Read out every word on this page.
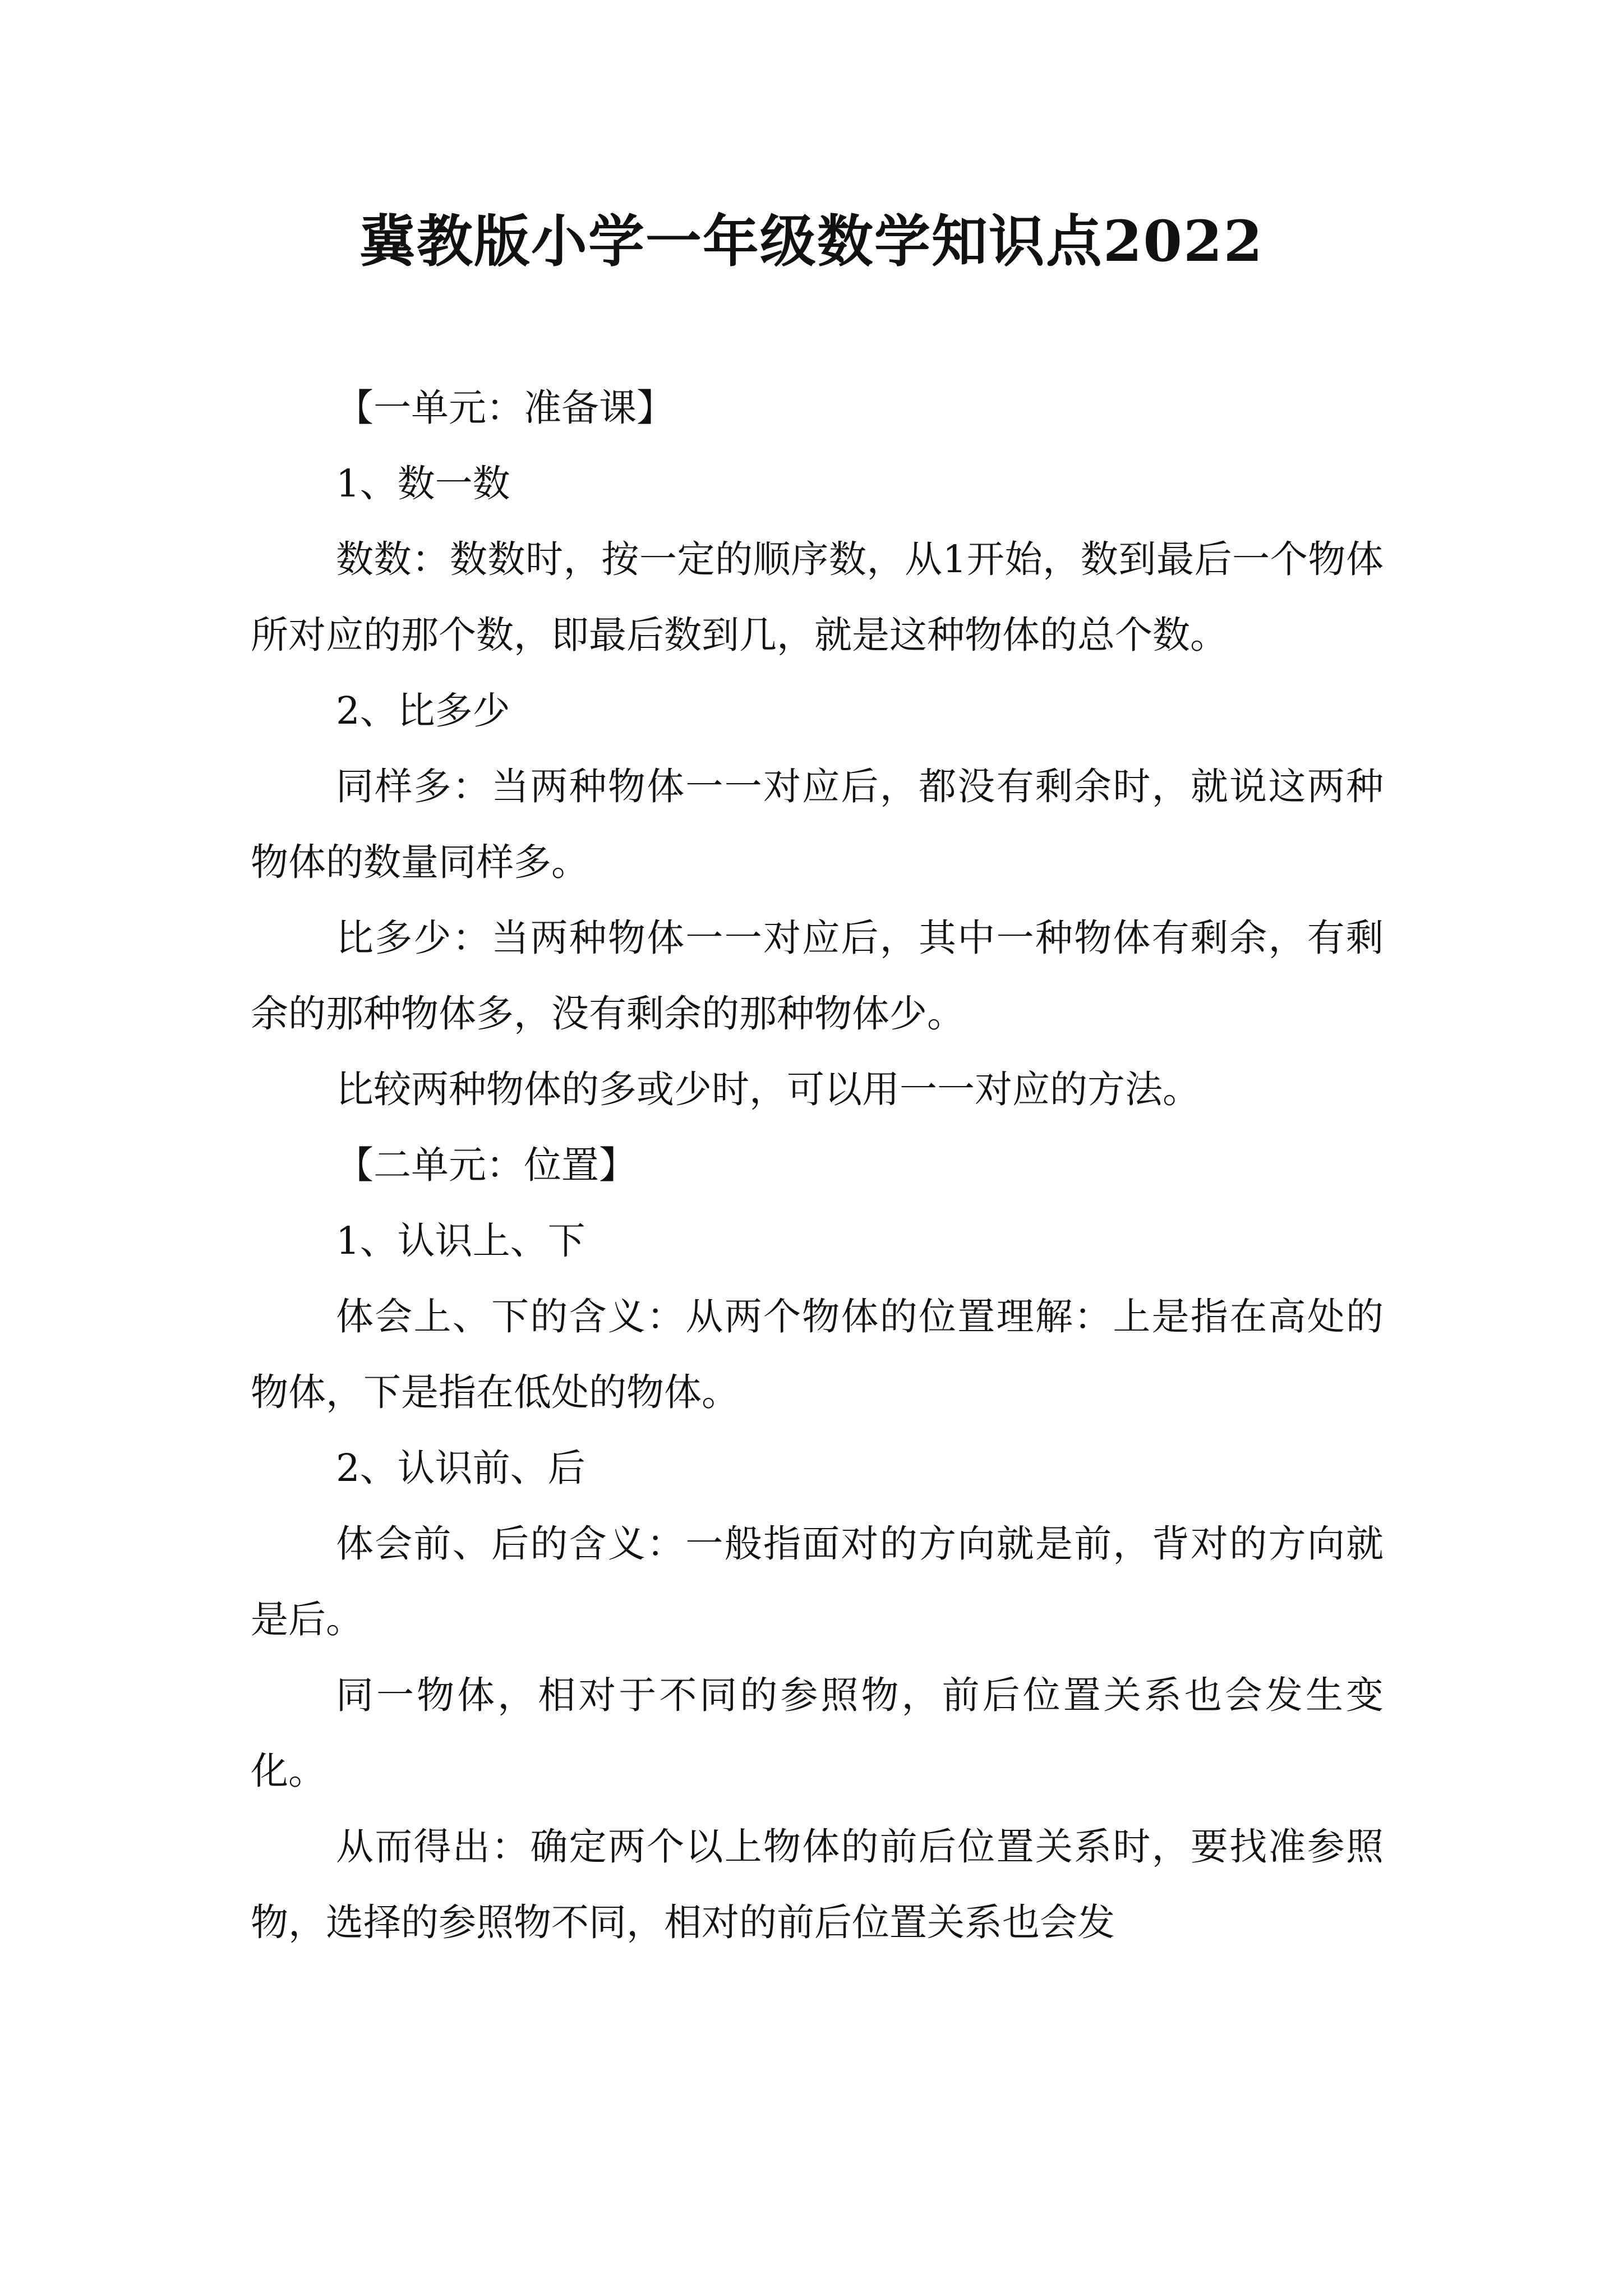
冀教版小学一年级数学知识点2022

【一单元：准备课】

1、数一数

数数：数数时，按一定的顺序数，从1开始，数到最后一个物体所对应的那个数，即最后数到几，就是这种物体的总个数。

2、比多少

同样多：当两种物体一一对应后，都没有剩余时，就说这两种物体的数量同样多。

比多少：当两种物体一一对应后，其中一种物体有剩余，有剩余的那种物体多，没有剩余的那种物体少。

比较两种物体的多或少时，可以用一一对应的方法。

【二单元：位置】

1、认识上、下

体会上、下的含义：从两个物体的位置理解：上是指在高处的物体，下是指在低处的物体。

2、认识前、后

体会前、后的含义：一般指面对的方向就是前，背对的方向就是后。

同一物体，相对于不同的参照物，前后位置关系也会发生变化。

从而得出：确定两个以上物体的前后位置关系时，要找准参照物，选择的参照物不同，相对的前后位置关系也会发
